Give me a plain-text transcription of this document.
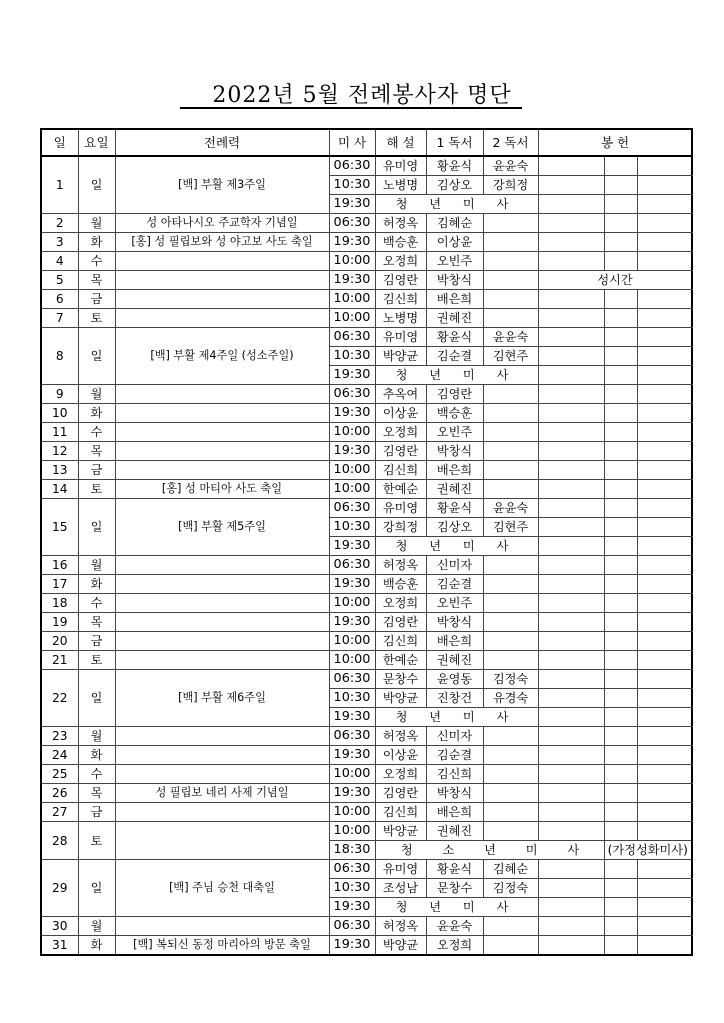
2022년 5월 전례봉사자 명단
일	요일	전례력	미 사	해 설	1 독서	2 독서	봉 헌		
1	일	[백] 부활 제3주일	06:30	유미영	황윤식	윤윤숙			
			10:30	노병명	김상오	강희정			
			19:30	청 년 미 사					
2	월	성 아타나시오 주교학자 기념일	06:30	허정옥	김혜순				
3	화	[홍] 성 필립보와 성 야고보 사도 축일	19:30	백승훈	이상윤				
4	수		10:00	오정희	오빈주				
5	목		19:30	김영란	박창식		성시간		
6	금		10:00	김신희	배은희				
7	토		10:00	노병명	권혜진				
8	일	[백] 부활 제4주일 (성소주일)	06:30	유미영	황윤식	윤윤숙			
			10:30	박양균	김순결	김현주			
			19:30	청 년 미 사					
9	월		06:30	추옥여	김영란				
10	화		19:30	이상윤	백승훈				
11	수		10:00	오정희	오빈주				
12	목		19:30	김영란	박창식				
13	금		10:00	김신희	배은희				
14	토	[홍] 성 마티아 사도 축일	10:00	한예순	권혜진				
15	일	[백] 부활 제5주일	06:30	유미영	황윤식	윤윤숙			
			10:30	강희정	김상오	김현주			
			19:30	청 년 미 사					
16	월		06:30	허정옥	신미자				
17	화		19:30	백승훈	김순결				
18	수		10:00	오정희	오빈주				
19	목		19:30	김영란	박창식				
20	금		10:00	김신희	배은희				
21	토		10:00	한예순	권혜진				
22	일	[백] 부활 제6주일	06:30	문창수	윤영동	김정숙			
			10:30	박양균	진창건	유경숙			
			19:30	청 년 미 사					
23	월		06:30	허정옥	신미자				
24	화		19:30	이상윤	김순결				
25	수		10:00	오정희	김신희				
26	목	성 필립보 네리 사제 기념일	19:30	김영란	박창식				
27	금		10:00	김신희	배은희				
28	토		10:00	박양균	권혜진				
			18:30	청 소 년 미 사				(가정성화미사)	
29	일	[백] 주님 승천 대축일	06:30	유미영	황윤식	김혜순			
			10:30	조성남	문창수	김정숙			
			19:30	청 년 미 사					
30	월		06:30	허정옥	윤윤숙				
31	화	[백] 복되신 동정 마리아의 방문 축일	19:30	박양균	오정희				
